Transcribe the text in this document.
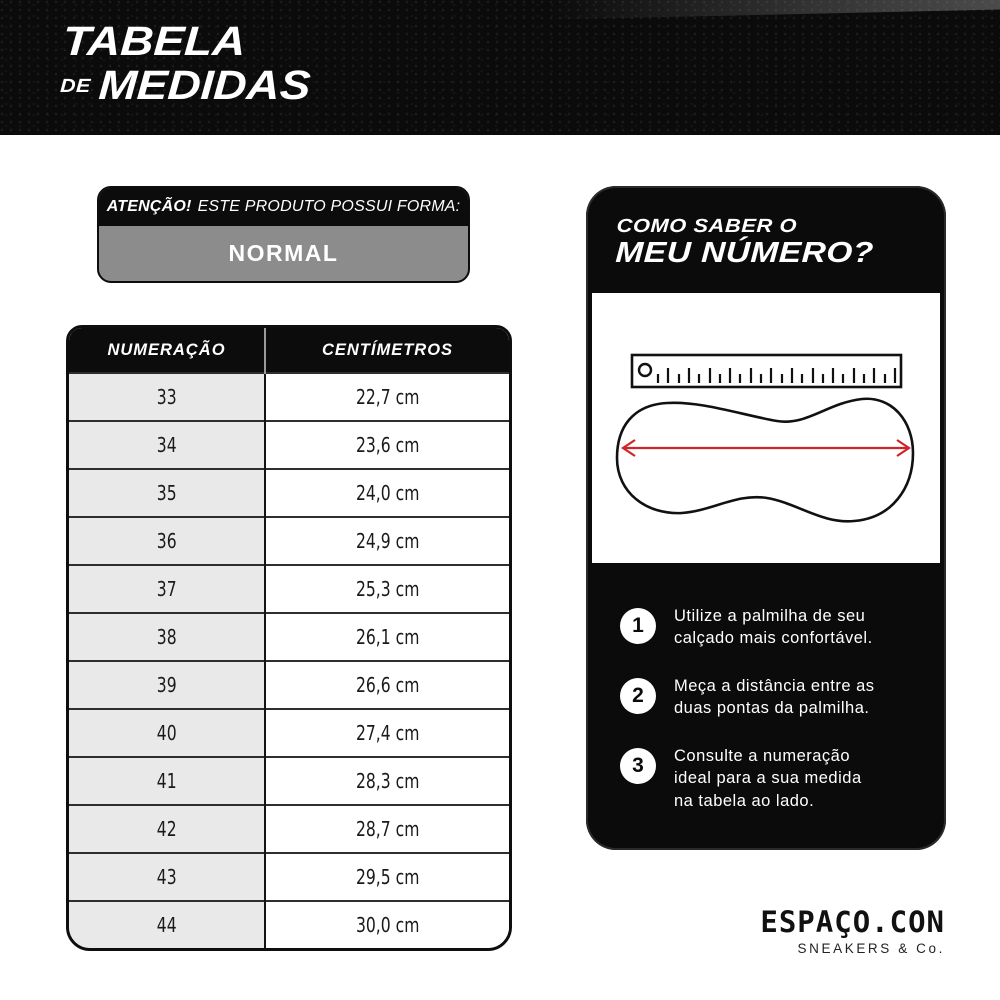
TABELA
DE MEDIDAS
ATENÇÃO! ESTE PRODUTO POSSUI FORMA:
NORMAL
NUMERAÇÃO	CENTÍMETROS
33	22,7 cm
34	23,6 cm
35	24,0 cm
36	24,9 cm
37	25,3 cm
38	26,1 cm
39	26,6 cm
40	27,4 cm
41	28,3 cm
42	28,7 cm
43	29,5 cm
44	30,0 cm
COMO SABER O
MEU NÚMERO?
1	Utilize a palmilha de seu
calçado mais confortável.
2	Meça a distância entre as
duas pontas da palmilha.
3	Consulte a numeração
ideal para a sua medida
na tabela ao lado.
ESPAÇO.CON
SNEAKERS & Co.
